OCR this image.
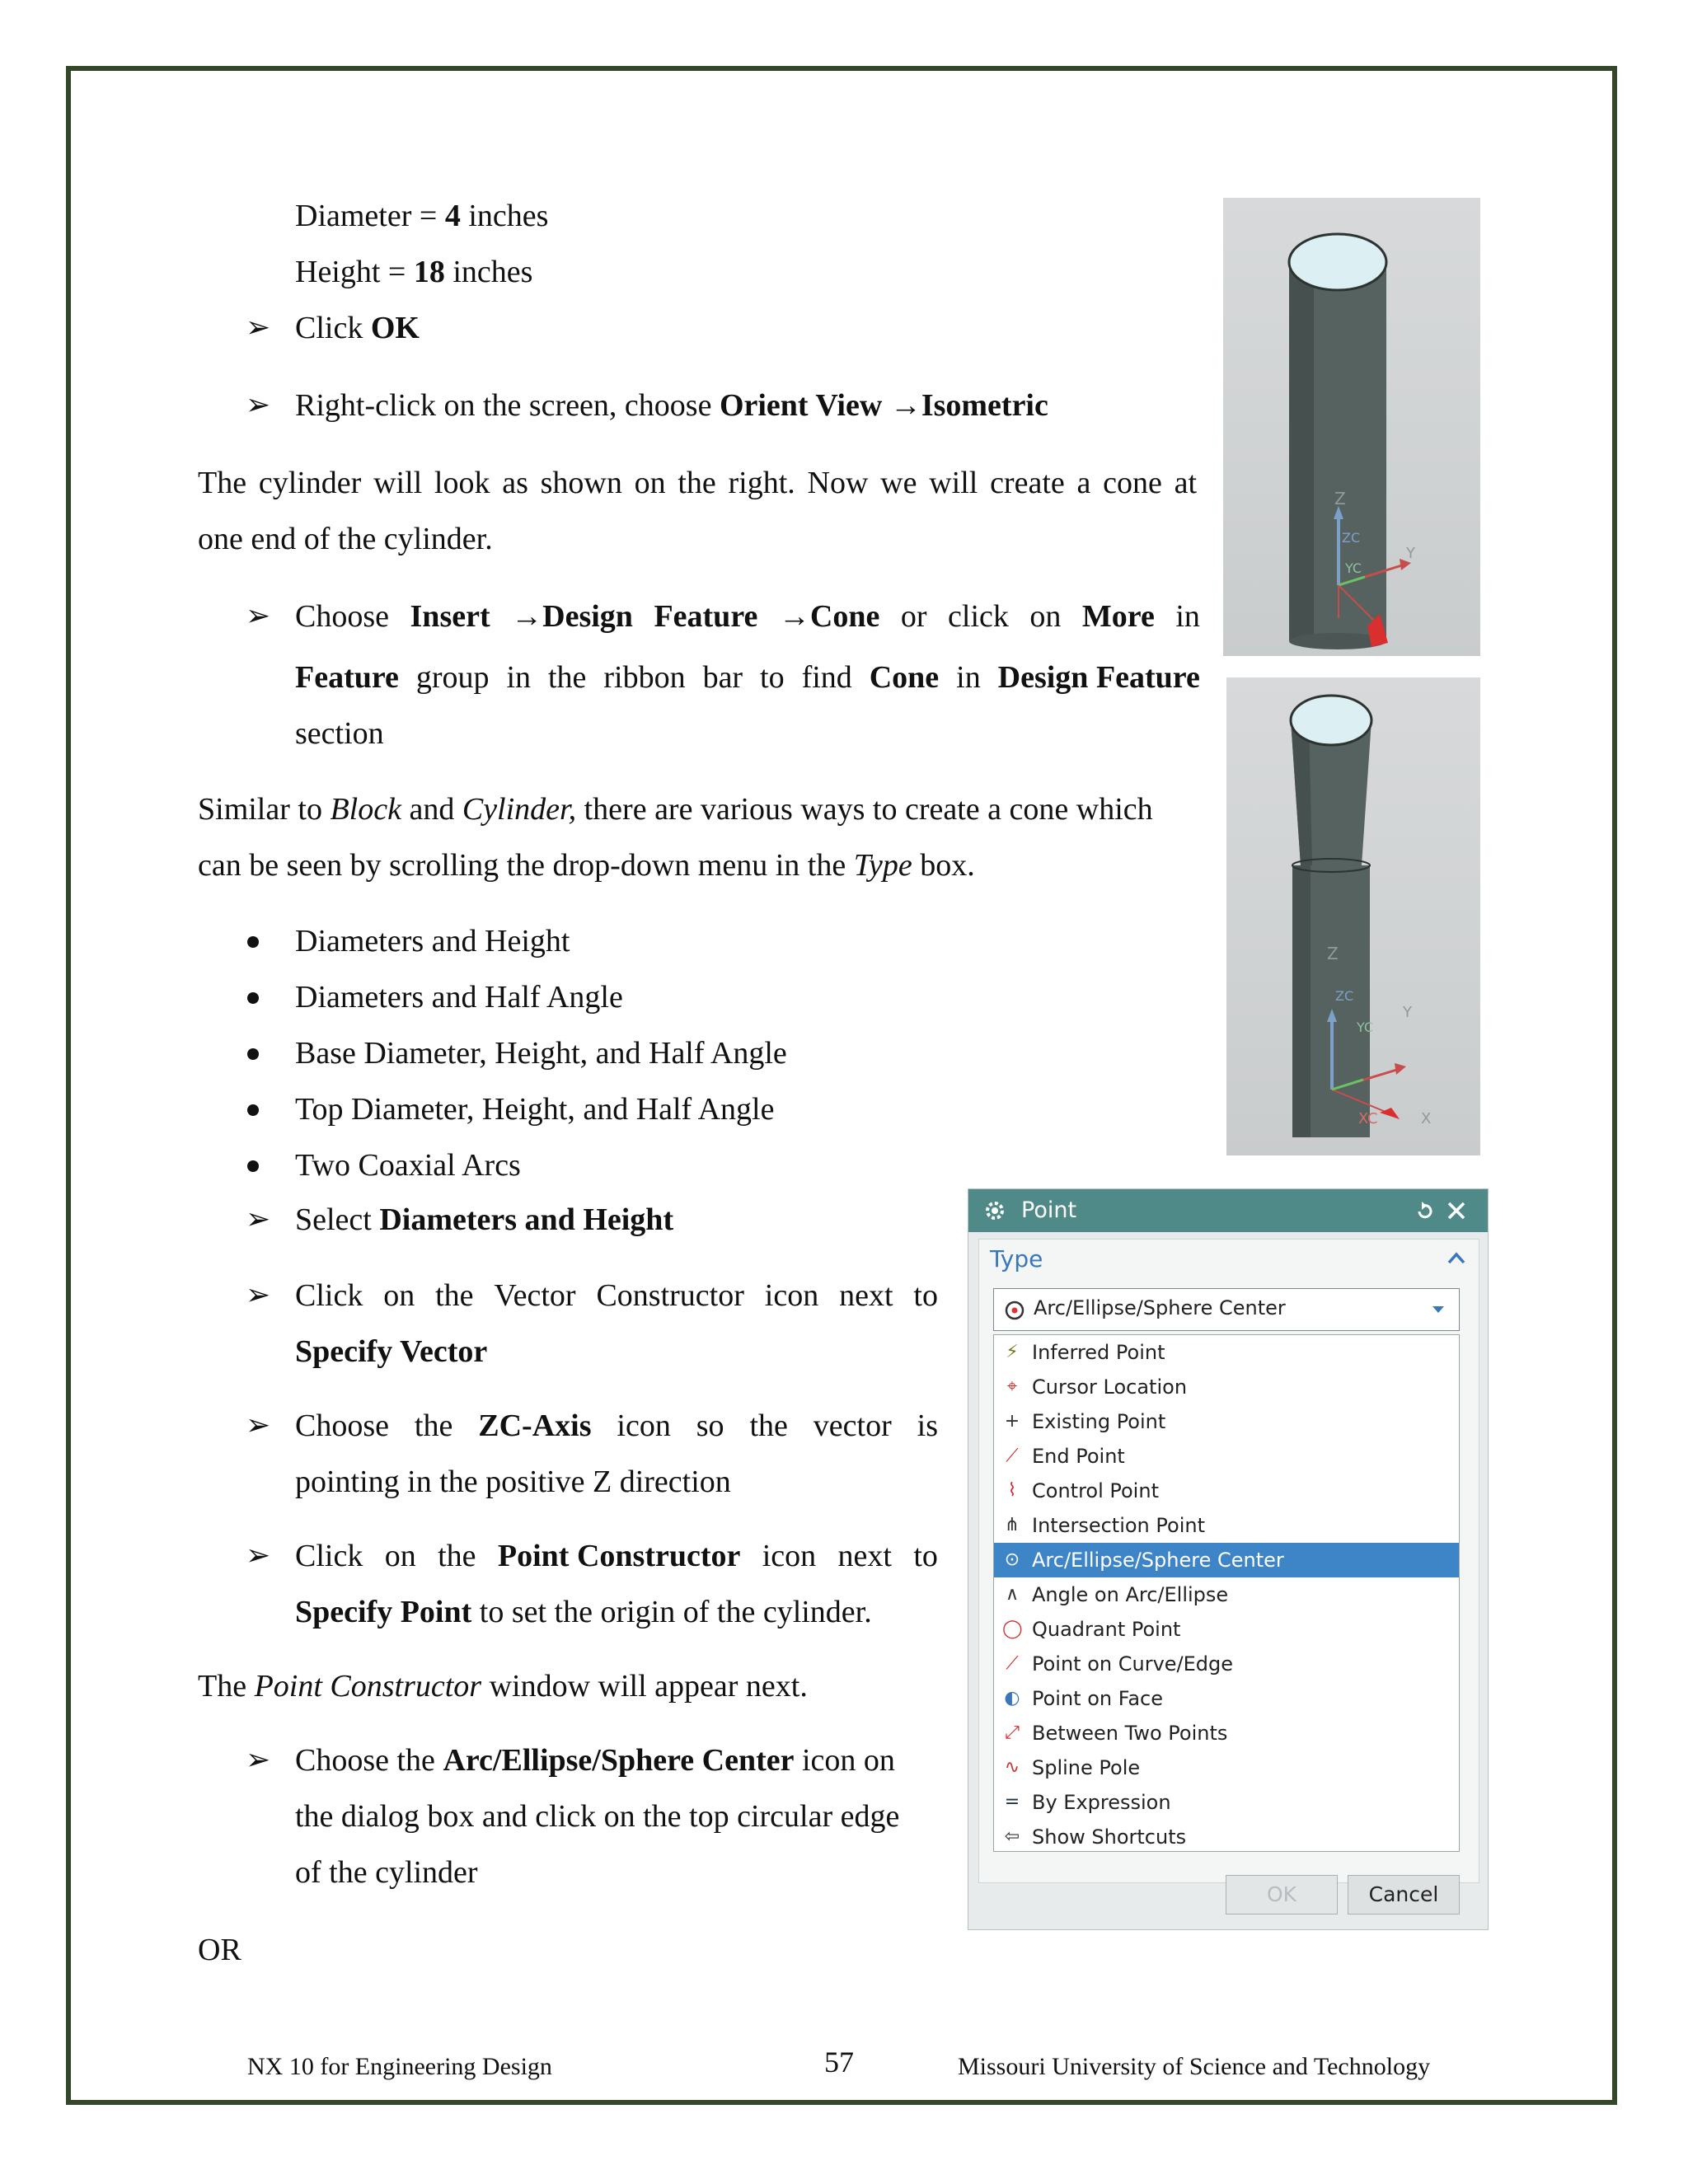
Diameter = 4 inches
Height = 18 inches
➢ Click OK
➢ Right-click on the screen, choose Orient View →Isometric
The cylinder will look as shown on the right. Now we will create a cone at
one end of the cylinder.
➢ Choose Insert →Design Feature →Cone or click on More in
Feature group in the ribbon bar to find Cone in Design Feature
section
Similar to Block and Cylinder, there are various ways to create a cone which
can be seen by scrolling the drop-down menu in the Type box.
Diameters and Height
Diameters and Half Angle
Base Diameter, Height, and Half Angle
Top Diameter, Height, and Half Angle
Two Coaxial Arcs
➢ Select Diameters and Height
➢ Click on the Vector Constructor icon next to
Specify Vector
➢ Choose the ZC-Axis icon so the vector is
pointing in the positive Z direction
➢ Click on the Point Constructor icon next to
Specify Point to set the origin of the cylinder.
The Point Constructor window will appear next.
➢ Choose the Arc/Ellipse/Sphere Center icon on
the dialog box and click on the top circular edge
of the cylinder
OR
Z
Y
YC
ZC
Z
Y
YC
ZC
XC	X
Point
Type
Arc/Ellipse/Sphere Center
⚡ Inferred Point
⌖ Cursor Location
+ Existing Point
⟋ End Point
⌇ Control Point
⋔ Intersection Point
⊙ Arc/Ellipse/Sphere Center
∧ Angle on Arc/Ellipse
◯ Quadrant Point
⟋ Point on Curve/Edge
◐ Point on Face
⤢ Between Two Points
∿ Spline Pole
= By Expression
⇦ Show Shortcuts
OK	Cancel
NX 10 for Engineering Design	57	Missouri University of Science and Technology
